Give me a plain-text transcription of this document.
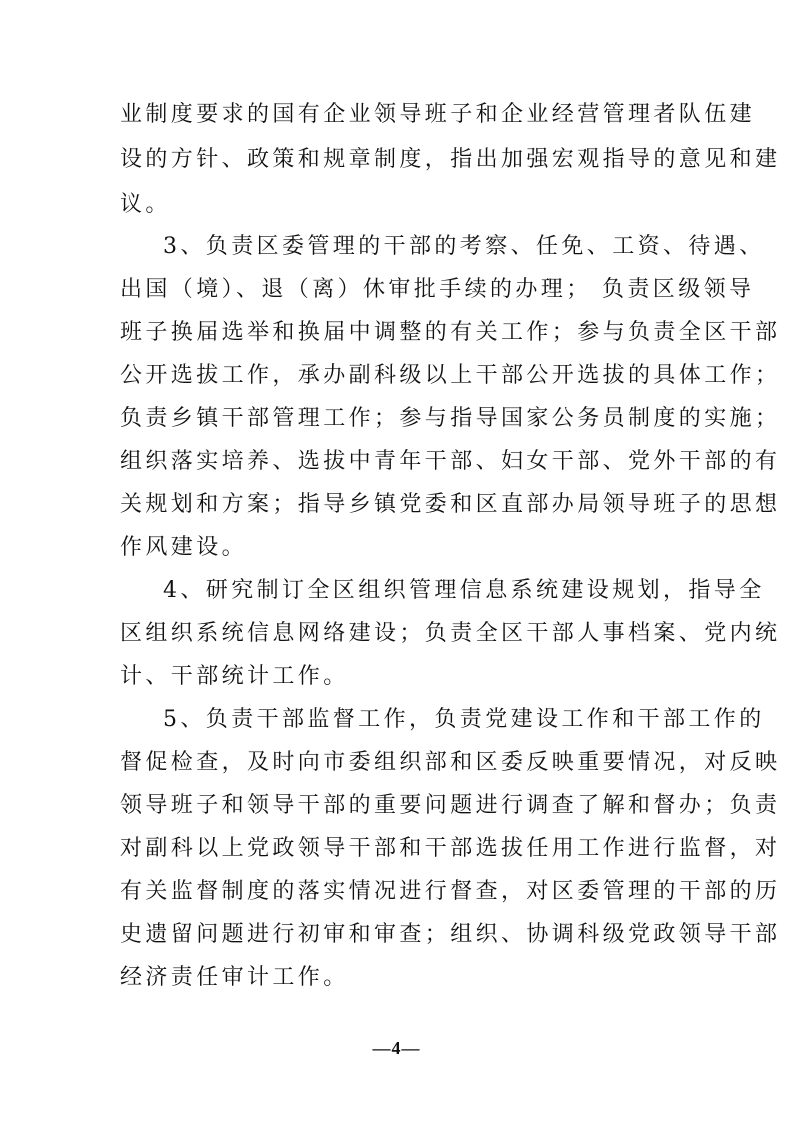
业制度要求的国有企业领导班子和企业经营管理者队伍建
设的方针、政策和规章制度，指出加强宏观指导的意见和建
议。
3、负责区委管理的干部的考察、任免、工资、待遇、
出国（境）、退（离）休审批手续的办理； 负责区级领导
班子换届选举和换届中调整的有关工作；参与负责全区干部
公开选拔工作，承办副科级以上干部公开选拔的具体工作；
负责乡镇干部管理工作；参与指导国家公务员制度的实施；
组织落实培养、选拔中青年干部、妇女干部、党外干部的有
关规划和方案；指导乡镇党委和区直部办局领导班子的思想
作风建设。
4、研究制订全区组织管理信息系统建设规划，指导全
区组织系统信息网络建设；负责全区干部人事档案、党内统
计、干部统计工作。
5、负责干部监督工作，负责党建设工作和干部工作的
督促检查，及时向市委组织部和区委反映重要情况，对反映
领导班子和领导干部的重要问题进行调查了解和督办；负责
对副科以上党政领导干部和干部选拔任用工作进行监督，对
有关监督制度的落实情况进行督查，对区委管理的干部的历
史遗留问题进行初审和审查；组织、协调科级党政领导干部
经济责任审计工作。
—4—
